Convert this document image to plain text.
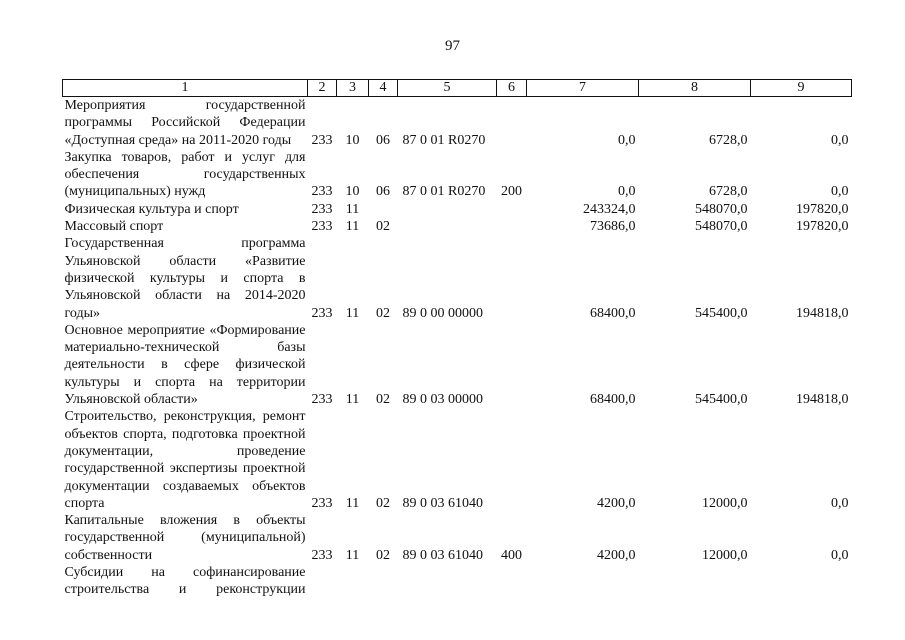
97
1	2	3	4	5	6	7	8	9
Мероприятия государственной программы Российской Федерации «Доступная среда» на 2011-2020 годы	233	10	06	87 0 01 R0270		0,0	6728,0	0,0
Закупка товаров, работ и услуг для обеспечения государственных (муниципальных) нужд	233	10	06	87 0 01 R0270	200	0,0	6728,0	0,0
Физическая культура и спорт	233	11				243324,0	548070,0	197820,0
Массовый спорт	233	11	02			73686,0	548070,0	197820,0
Государственная программа Ульяновской области «Развитие физической культуры и спорта в Ульяновской области на 2014-2020 годы»	233	11	02	89 0 00 00000		68400,0	545400,0	194818,0
Основное мероприятие «Формирование материально-технической базы деятельности в сфере физической культуры и спорта на территории Ульяновской области»	233	11	02	89 0 03 00000		68400,0	545400,0	194818,0
Строительство, реконструкция, ремонт объектов спорта, подготовка проектной документации, проведение государственной экспертизы проектной документации создаваемых объектов спорта	233	11	02	89 0 03 61040		4200,0	12000,0	0,0
Капитальные вложения в объекты государственной (муниципальной) собственности	233	11	02	89 0 03 61040	400	4200,0	12000,0	0,0
Субсидии на софинансирование строительства и реконструкции								
